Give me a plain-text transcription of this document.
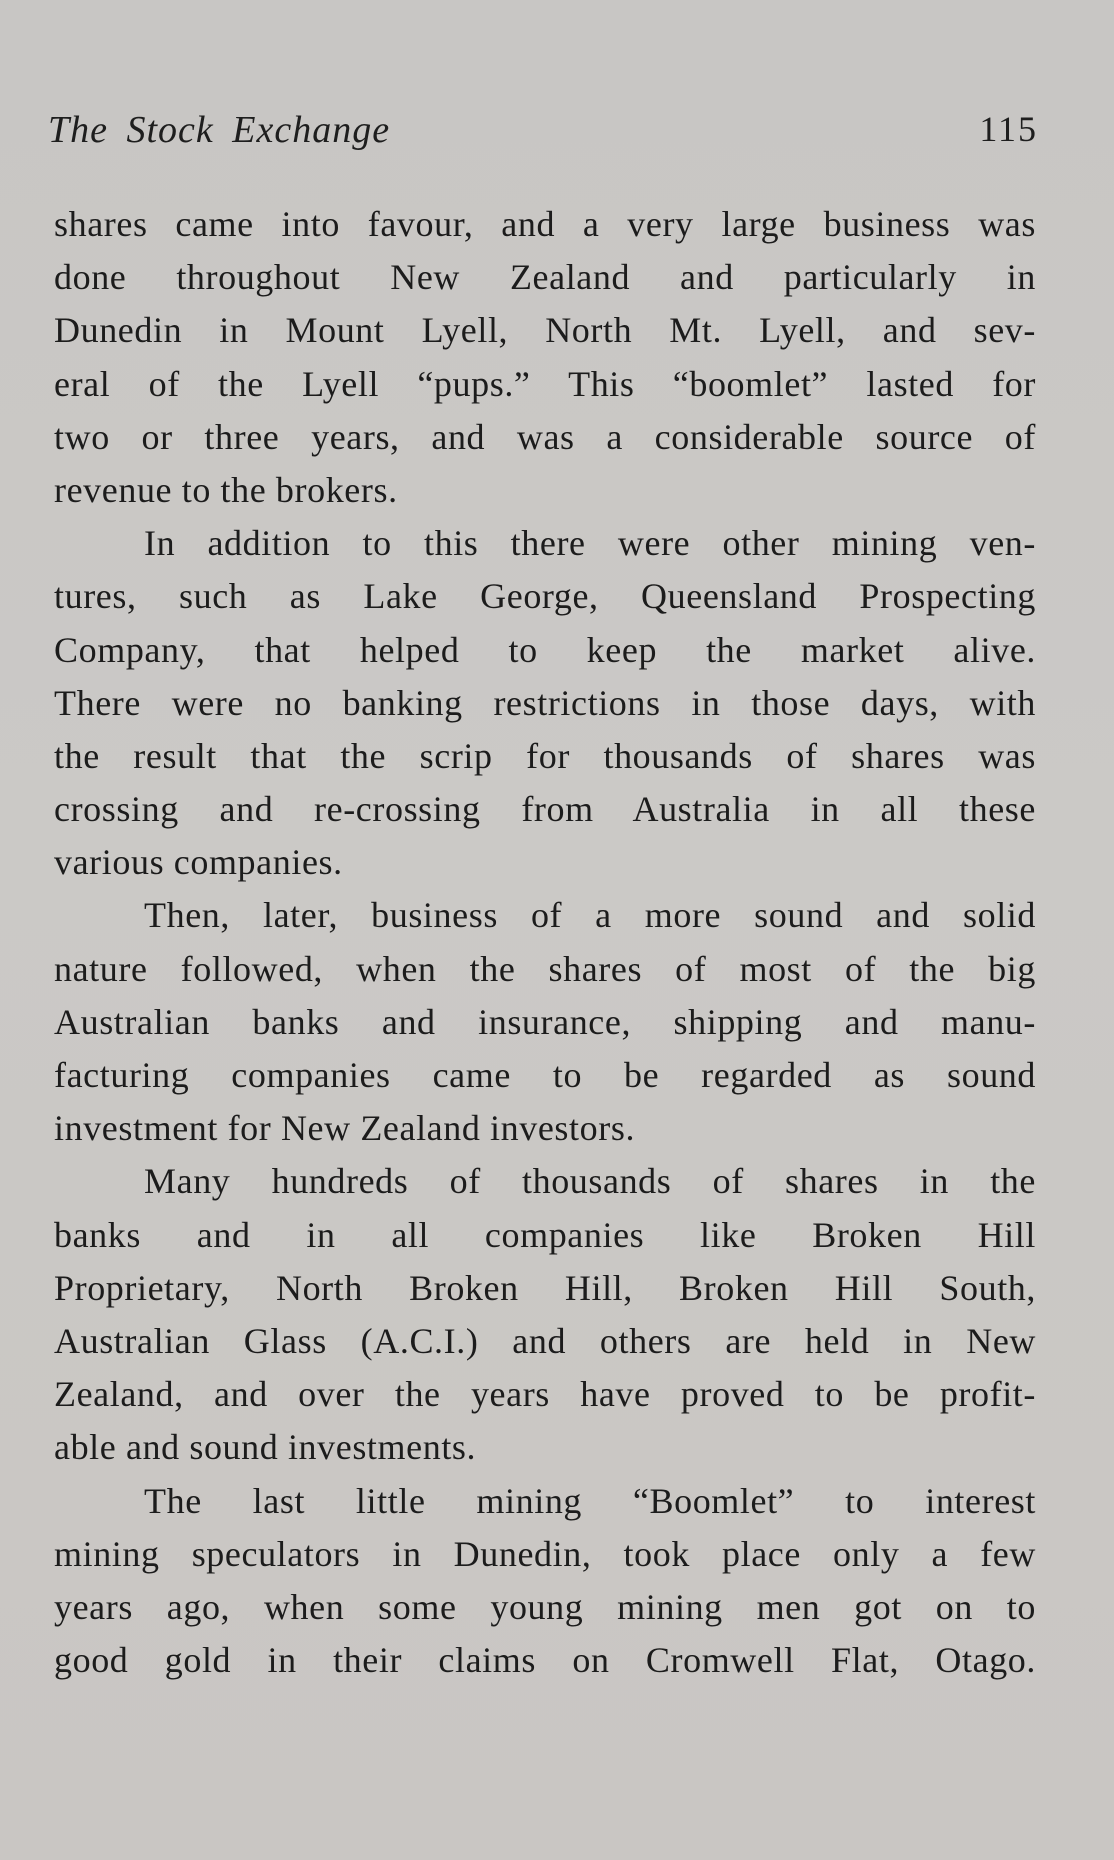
The Stock Exchange	115
shares came into favour, and a very large business was
done throughout New Zealand and particularly in
Dunedin in Mount Lyell, North Mt. Lyell, and sev-
eral of the Lyell “pups.” This “boomlet” lasted for
two or three years, and was a considerable source of
revenue to the brokers.
In addition to this there were other mining ven-
tures, such as Lake George, Queensland Prospecting
Company, that helped to keep the market alive.
There were no banking restrictions in those days, with
the result that the scrip for thousands of shares was
crossing and re-crossing from Australia in all these
various companies.
Then, later, business of a more sound and solid
nature followed, when the shares of most of the big
Australian banks and insurance, shipping and manu-
facturing companies came to be regarded as sound
investment for New Zealand investors.
Many hundreds of thousands of shares in the
banks and in all companies like Broken Hill
Proprietary, North Broken Hill, Broken Hill South,
Australian Glass (A.C.I.) and others are held in New
Zealand, and over the years have proved to be profit-
able and sound investments.
The last little mining “Boomlet” to interest
mining speculators in Dunedin, took place only a few
years ago, when some young mining men got on to
good gold in their claims on Cromwell Flat, Otago.
